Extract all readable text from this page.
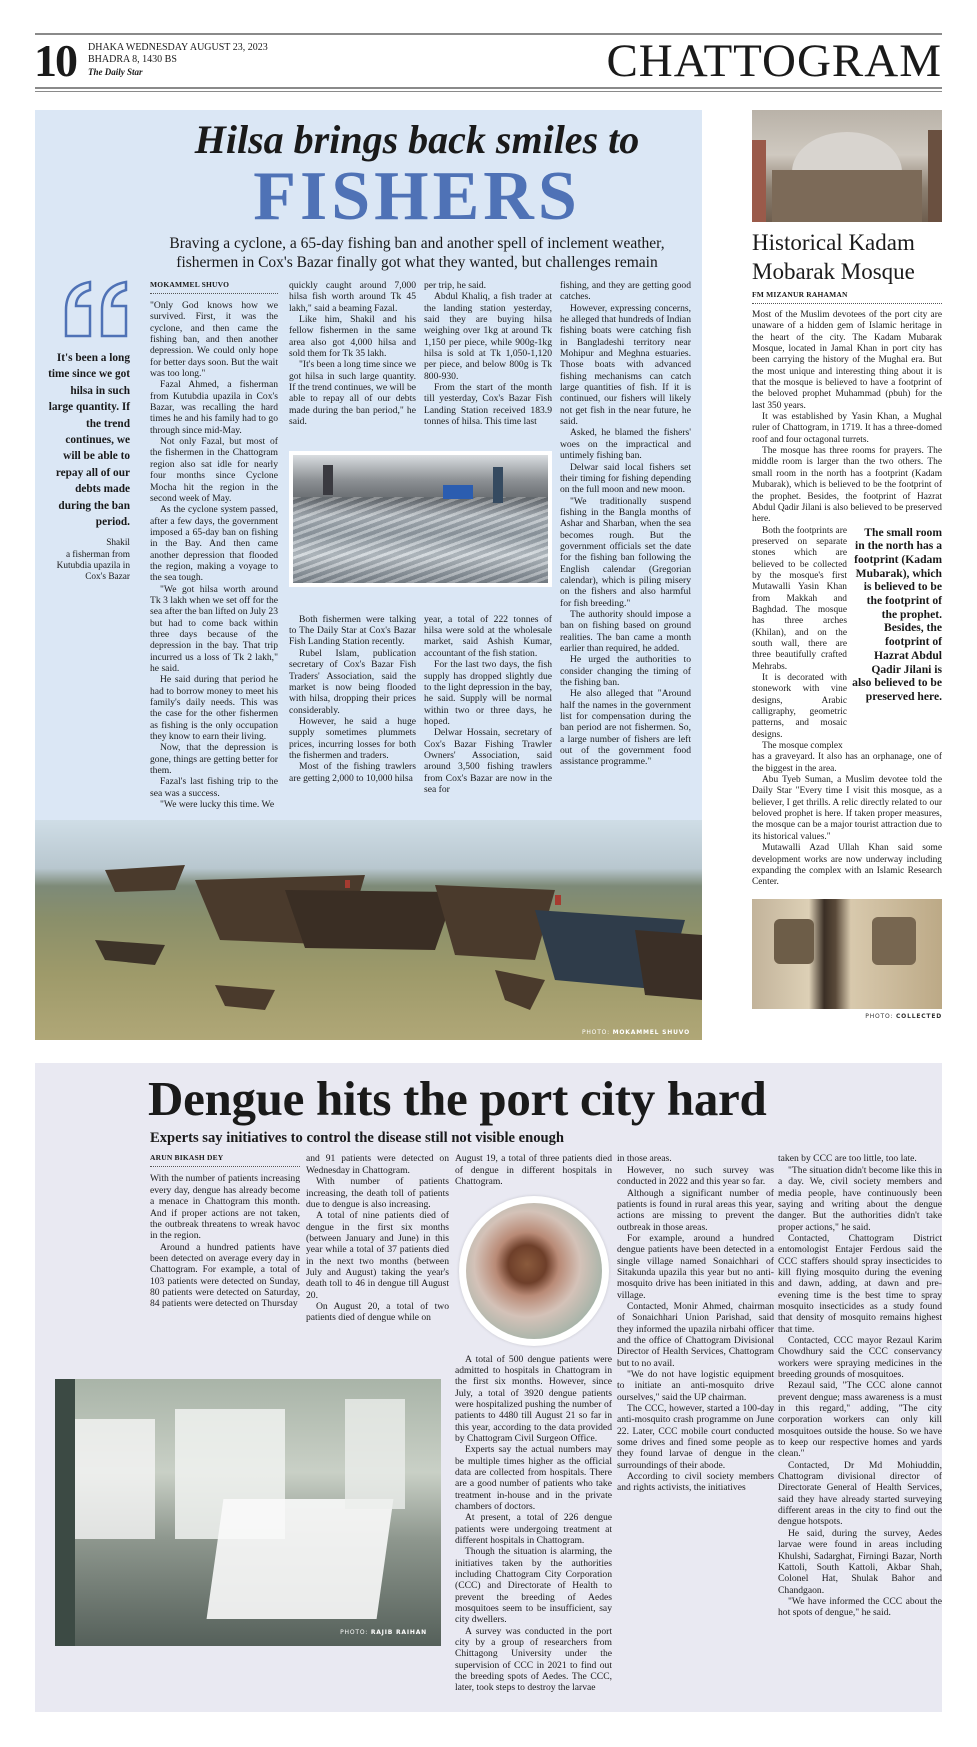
10 DHAKA WEDNESDAY AUGUST 23, 2023
BHADRA 8, 1430 BS
The Daily Star	CHATTOGRAM
Hilsa brings back smiles to
FISHERS
Braving a cyclone, a 65-day fishing ban and another spell of inclement weather, fishermen in Cox's Bazar finally got what they wanted, but challenges remain
It's been a long time since we got hilsa in such large quantity. If the trend continues, we will be able to repay all of our debts made during the ban period.
Shakil
a fisherman from Kutubdia upazila in Cox's Bazar
MOKAMMEL SHUVO

"Only God knows how we survived. First, it was the cyclone, and then came the fishing ban, and then another depression. We could only hope for better days soon. But the wait was too long."

Fazal Ahmed, a fisherman from Kutubdia upazila in Cox's Bazar, was recalling the hard times he and his family had to go through since mid-May.

Not only Fazal, but most of the fishermen in the Chattogram region also sat idle for nearly four months since Cyclone Mocha hit the region in the second week of May.

As the cyclone system passed, after a few days, the government imposed a 65-day ban on fishing in the Bay. And then came another depression that flooded the region, making a voyage to the sea tough.

"We got hilsa worth around Tk 3 lakh when we set off for the sea after the ban lifted on July 23 but had to come back within three days because of the depression in the bay. That trip incurred us a loss of Tk 2 lakh," he said.

He said during that period he had to borrow money to meet his family's daily needs. This was the case for the other fishermen as fishing is the only occupation they know to earn their living.

Now, that the depression is gone, things are getting better for them.

Fazal's last fishing trip to the sea was a success.

"We were lucky this time. We

quickly caught around 7,000 hilsa fish worth around Tk 45 lakh," said a beaming Fazal.

Like him, Shakil and his fellow fishermen in the same area also got 4,000 hilsa and sold them for Tk 35 lakh.

"It's been a long time since we got hilsa in such large quantity. If the trend continues, we will be able to repay all of our debts made during the ban period," he said.

per trip, he said.

Abdul Khaliq, a fish trader at the landing station yesterday, said they are buying hilsa weighing over 1kg at around Tk 1,150 per piece, while 900g-1kg hilsa is sold at Tk 1,050-1,120 per piece, and below 800g is Tk 800-930.

From the start of the month till yesterday, Cox's Bazar Fish Landing Station received 183.9 tonnes of hilsa. This time last

Both fishermen were talking to The Daily Star at Cox's Bazar Fish Landing Station recently.

Rubel Islam, publication secretary of Cox's Bazar Fish Traders' Association, said the market is now being flooded with hilsa, dropping their prices considerably.

However, he said a huge supply sometimes plummets prices, incurring losses for both the fishermen and traders.

Most of the fishing trawlers are getting 2,000 to 10,000 hilsa

year, a total of 222 tonnes of hilsa were sold at the wholesale market, said Ashish Kumar, accountant of the fish station.

For the last two days, the fish supply has dropped slightly due to the light depression in the bay, he said. Supply will be normal within two or three days, he hoped.

Delwar Hossain, secretary of Cox's Bazar Fishing Trawler Owners' Association, said around 3,500 fishing trawlers from Cox's Bazar are now in the sea for

fishing, and they are getting good catches.

However, expressing concerns, he alleged that hundreds of Indian fishing boats were catching fish in Bangladeshi territory near Mohipur and Meghna estuaries. Those boats with advanced fishing mechanisms can catch large quantities of fish. If it is continued, our fishers will likely not get fish in the near future, he said.

Asked, he blamed the fishers' woes on the impractical and untimely fishing ban.

Delwar said local fishers set their timing for fishing depending on the full moon and new moon.

"We traditionally suspend fishing in the Bangla months of Ashar and Sharban, when the sea becomes rough. But the government officials set the date for the fishing ban following the English calendar (Gregorian calendar), which is piling misery on the fishers and also harmful for fish breeding."

The authority should impose a ban on fishing based on ground realities. The ban came a month earlier than required, he added.

He urged the authorities to consider changing the timing of the fishing ban.

He also alleged that "Around half the names in the government list for compensation during the ban period are not fishermen. So, a large number of fishers are left out of the government food assistance programme."

PHOTO: MOKAMMEL SHUVO
Historical Kadam Mobarak Mosque
FM MIZANUR RAHAMAN

Most of the Muslim devotees of the port city are unaware of a hidden gem of Islamic heritage in the heart of the city. The Kadam Mubarak Mosque, located in Jamal Khan in port city has been carrying the history of the Mughal era. But the most unique and interesting thing about it is that the mosque is believed to have a footprint of the beloved prophet Muhammad (pbuh) for the last 350 years.

It was established by Yasin Khan, a Mughal ruler of Chattogram, in 1719. It has a three-domed roof and four octagonal turrets.

The mosque has three rooms for prayers. The middle room is larger than the two others. The small room in the north has a footprint (Kadam Mubarak), which is believed to be the footprint of the prophet. Besides, the footprint of Hazrat Abdul Qadir Jilani is also believed to be preserved here.

Both the footprints are preserved on separate stones which are believed to be collected by the mosque's first Mutawalli Yasin Khan from Makkah and Baghdad. The mosque has three arches (Khilan), and on the south wall, there are three beautifully crafted Mehrabs.

It is decorated with stonework with vine designs, Arabic calligraphy, geometric patterns, and mosaic designs.

The mosque complex

The small room in the north has a footprint (Kadam Mubarak), which is believed to be the footprint of the prophet. Besides, the footprint of Hazrat Abdul Qadir Jilani is also believed to be preserved here.

has a graveyard. It also has an orphanage, one of the biggest in the area.

Abu Tyeb Suman, a Muslim devotee told the Daily Star "Every time I visit this mosque, as a believer, I get thrills. A relic directly related to our beloved prophet is here. If taken proper measures, the mosque can be a major tourist attraction due to its historical values."

Mutawalli Azad Ullah Khan said some development works are now underway including expanding the complex with an Islamic Research Center.

PHOTO: COLLECTED
Dengue hits the port city hard
Experts say initiatives to control the disease still not visible enough
ARUN BIKASH DEY

With the number of patients increasing every day, dengue has already become a menace in Chattogram this month. And if proper actions are not taken, the outbreak threatens to wreak havoc in the region.

Around a hundred patients have been detected on average every day in Chattogram. For example, a total of 103 patients were detected on Sunday, 80 patients were detected on Saturday, 84 patients were detected on Thursday

and 91 patients were detected on Wednesday in Chattogram.

With number of patients increasing, the death toll of patients due to dengue is also increasing.

A total of nine patients died of dengue in the first six months (between January and June) in this year while a total of 37 patients died in the next two months (between July and August) taking the year's death toll to 46 in dengue till August 20.

On August 20, a total of two patients died of dengue while on

PHOTO: RAJIB RAIHAN

August 19, a total of three patients died of dengue in different hospitals in Chattogram.

A total of 500 dengue patients were admitted to hospitals in Chattogram in the first six months. However, since July, a total of 3920 dengue patients were hospitalized pushing the number of patients to 4480 till August 21 so far in this year, according to the data provided by Chattogram Civil Surgeon Office.

Experts say the actual numbers may be multiple times higher as the official data are collected from hospitals. There are a good number of patients who take treatment in-house and in the private chambers of doctors.

At present, a total of 226 dengue patients were undergoing treatment at different hospitals in Chattogram.

Though the situation is alarming, the initiatives taken by the authorities including Chattogram City Corporation (CCC) and Directorate of Health to prevent the breeding of Aedes mosquitoes seem to be insufficient, say city dwellers.

A survey was conducted in the port city by a group of researchers from Chittagong University under the supervision of CCC in 2021 to find out the breeding spots of Aedes. The CCC, later, took steps to destroy the larvae

in those areas.

However, no such survey was conducted in 2022 and this year so far.

Although a significant number of patients is found in rural areas this year, actions are missing to prevent the outbreak in those areas.

For example, around a hundred dengue patients have been detected in a single village named Sonaichhari of Sitakunda upazila this year but no anti-mosquito drive has been initiated in this village.

Contacted, Monir Ahmed, chairman of Sonaichhari Union Parishad, said they informed the upazila nirbahi officer and the office of Chattogram Divisional Director of Health Services, Chattogram but to no avail.

"We do not have logistic equipment to initiate an anti-mosquito drive ourselves," said the UP chairman.

The CCC, however, started a 100-day anti-mosquito crash programme on June 22. Later, CCC mobile court conducted some drives and fined some people as they found larvae of dengue in the surroundings of their abode.

According to civil society members and rights activists, the initiatives

taken by CCC are too little, too late.

"The situation didn't become like this in a day. We, civil society members and media people, have continuously been saying and writing about the dengue danger. But the authorities didn't take proper actions," he said.

Contacted, Chattogram District entomologist Entajer Ferdous said the CCC staffers should spray insecticides to kill flying mosquito during the evening and dawn, adding, at dawn and pre-evening time is the best time to spray mosquito insecticides as a study found that density of mosquito remains highest that time.

Contacted, CCC mayor Rezaul Karim Chowdhury said the CCC conservancy workers were spraying medicines in the breeding grounds of mosquitoes.

Rezaul said, "The CCC alone cannot prevent dengue; mass awareness is a must in this regard," adding, "The city corporation workers can only kill mosquitoes outside the house. So we have to keep our respective homes and yards clean."

Contacted, Dr Md Mohiuddin, Chattogram divisional director of Directorate General of Health Services, said they have already started surveying different areas in the city to find out the dengue hotspots.

He said, during the survey, Aedes larvae were found in areas including Khulshi, Sadarghat, Firningi Bazar, North Kattoli, South Kattoli, Akbar Shah, Colonel Hat, Shulak Bahor and Chandgaon.

"We have informed the CCC about the hot spots of dengue," he said.
